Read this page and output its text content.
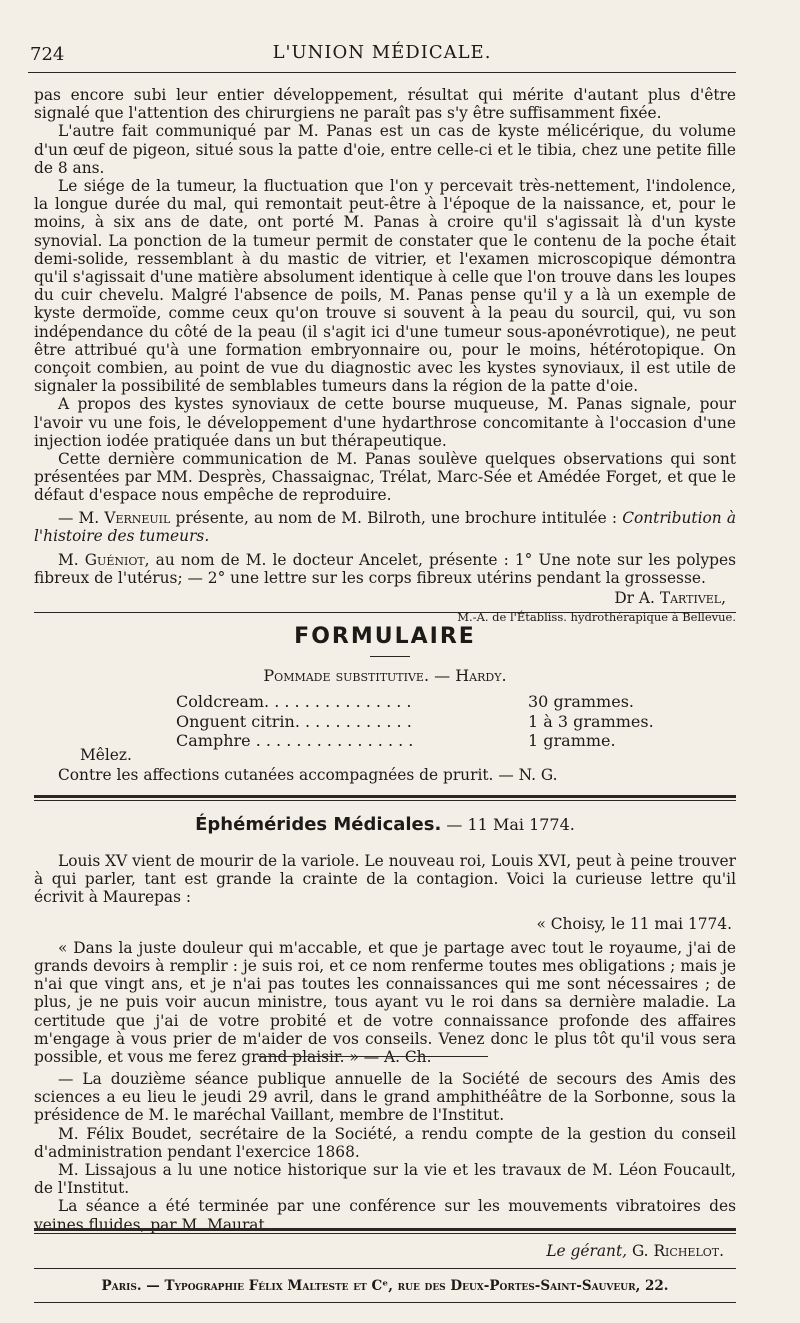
724	L'UNION MÉDICALE.

pas encore subi leur entier développement, résultat qui mérite d'autant plus d'être signalé que l'attention des chirurgiens ne paraît pas s'y être suffisamment fixée.

L'autre fait communiqué par M. Panas est un cas de kyste mélicérique, du volume d'un œuf de pigeon, situé sous la patte d'oie, entre celle-ci et le tibia, chez une petite fille de 8 ans.

Le siége de la tumeur, la fluctuation que l'on y percevait très-nettement, l'indolence, la longue durée du mal, qui remontait peut-être à l'époque de la naissance, et, pour le moins, à six ans de date, ont porté M. Panas à croire qu'il s'agissait là d'un kyste synovial. La ponction de la tumeur permit de constater que le contenu de la poche était demi-solide, ressemblant à du mastic de vitrier, et l'examen microscopique démontra qu'il s'agissait d'une matière absolument identique à celle que l'on trouve dans les loupes du cuir chevelu. Malgré l'absence de poils, M. Panas pense qu'il y a là un exemple de kyste dermoïde, comme ceux qu'on trouve si souvent à la peau du sourcil, qui, vu son indépendance du côté de la peau (il s'agit ici d'une tumeur sous-aponévrotique), ne peut être attribué qu'à une formation embryonnaire ou, pour le moins, hétérotopique. On conçoit combien, au point de vue du diagnostic avec les kystes synoviaux, il est utile de signaler la possibilité de semblables tumeurs dans la région de la patte d'oie.

A propos des kystes synoviaux de cette bourse muqueuse, M. Panas signale, pour l'avoir vu une fois, le développement d'une hydarthrose concomitante à l'occasion d'une injection iodée pratiquée dans un but thérapeutique.

Cette dernière communication de M. Panas soulève quelques observations qui sont présentées par MM. Desprès, Chassaignac, Trélat, Marc-Sée et Amédée Forget, et que le défaut d'espace nous empêche de reproduire.

— M. Verneuil présente, au nom de M. Bilroth, une brochure intitulée : Contribution à l'histoire des tumeurs.

M. Guéniot, au nom de M. le docteur Ancelet, présente : 1° Une note sur les polypes fibreux de l'utérus; — 2° une lettre sur les corps fibreux utérins pendant la grossesse.

Dr A. Tartivel,

M.-A. de l'Établiss. hydrothérapique à Bellevue.

FORMULAIRE
Pommade substitutive. — Hardy.
Coldcream. . . . . . . . . . . . . . .	30 grammes.
Onguent citrin. . . . . . . . . . . .	1 à 3 grammes.
Camphre . . . . . . . . . . . . . . . .	1 gramme.
Mêlez.
Contre les affections cutanées accompagnées de prurit. — N. G.
Éphémérides Médicales. — 11 Mai 1774.

Louis XV vient de mourir de la variole. Le nouveau roi, Louis XVI, peut à peine trouver à qui parler, tant est grande la crainte de la contagion. Voici la curieuse lettre qu'il écrivit à Maurepas :

« Choisy, le 11 mai 1774.

« Dans la juste douleur qui m'accable, et que je partage avec tout le royaume, j'ai de grands devoirs à remplir : je suis roi, et ce nom renferme toutes mes obligations ; mais je n'ai que vingt ans, et je n'ai pas toutes les connaissances qui me sont nécessaires ; de plus, je ne puis voir aucun ministre, tous ayant vu le roi dans sa dernière maladie. La certitude que j'ai de votre probité et de votre connaissance profonde des affaires m'engage à vous prier de m'aider de vos conseils. Venez donc le plus tôt qu'il vous sera possible, et vous me ferez grand plaisir. » — A. Ch.

— La douzième séance publique annuelle de la Société de secours des Amis des sciences a eu lieu le jeudi 29 avril, dans le grand amphithéâtre de la Sorbonne, sous la présidence de M. le maréchal Vaillant, membre de l'Institut.

M. Félix Boudet, secrétaire de la Société, a rendu compte de la gestion du conseil d'administration pendant l'exercice 1868.

M. Lissajous a lu une notice historique sur la vie et les travaux de M. Léon Foucault, de l'Institut.

La séance a été terminée par une conférence sur les mouvements vibratoires des veines fluides, par M. Maurat.

Le gérant, G. Richelot.
Paris. — Typographie Félix Malteste et Cᵉ, rue des Deux-Portes-Saint-Sauveur, 22.
